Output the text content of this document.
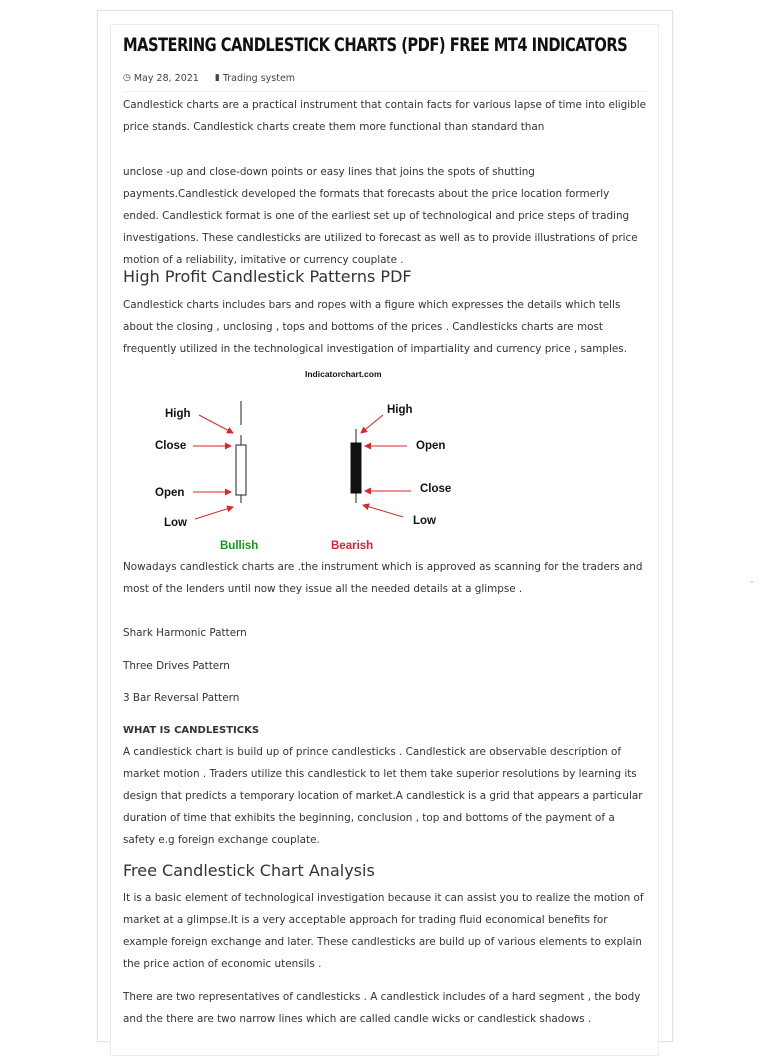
MASTERING CANDLESTICK CHARTS (PDF) FREE MT4 INDICATORS
◷ May 28, 2021 ▮ Trading system

Candlestick charts are a practical instrument that contain facts for various lapse of time into eligible price stands. Candlestick charts create them more functional than standard than

unclose -up and close-down points or easy lines that joins the spots of shutting payments.Candlestick developed the formats that forecasts about the price location formerly ended. Candlestick format is one of the earliest set up of technological and price steps of trading investigations. These candlesticks are utilized to forecast as well as to provide illustrations of price motion of a reliability, imitative or currency couplate .

High Profit Candlestick Patterns PDF

Candlestick charts includes bars and ropes with a figure which expresses the details which tells about the closing , unclosing , tops and bottoms of the prices . Candlesticks charts are most frequently utilized in the technological investigation of impartiality and currency price , samples.

Indicatorchart.com
High
Close
Open
Low
High
Open
Close
Low
Bullish	Bearish

Nowadays candlestick charts are .the instrument which is approved as scanning for the traders and most of the lenders until now they issue all the needed details at a glimpse .

Shark Harmonic Pattern

Three Drives Pattern

3 Bar Reversal Pattern

WHAT IS CANDLESTICKS

A candlestick chart is build up of prince candlesticks . Candlestick are observable description of market motion . Traders utilize this candlestick to let them take superior resolutions by learning its design that predicts a temporary location of market.A candlestick is a grid that appears a particular duration of time that exhibits the beginning, conclusion , top and bottoms of the payment of a safety e.g foreign exchange couplate.

Free Candlestick Chart Analysis

It is a basic element of technological investigation because it can assist you to realize the motion of market at a glimpse.It is a very acceptable approach for trading fluid economical benefits for example foreign exchange and later. These candlesticks are build up of various elements to explain the price action of economic utensils .

There are two representatives of candlesticks . A candlestick includes of a hard segment , the body and the there are two narrow lines which are called candle wicks or candlestick shadows .

⌃
